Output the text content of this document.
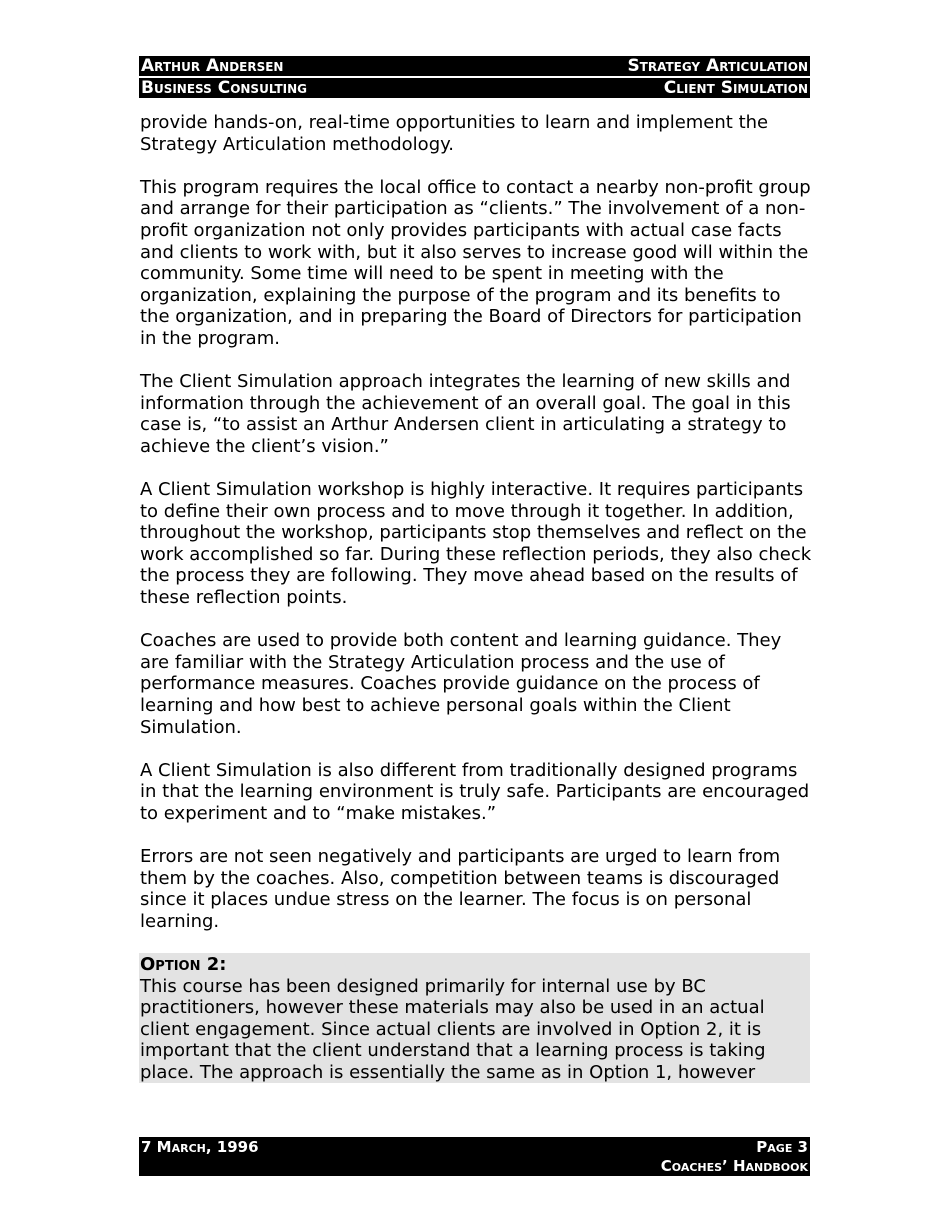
Arthur Andersen	Strategy Articulation
Business Consulting	Client Simulation

provide hands-on, real-time opportunities to learn and implement the Strategy Articulation methodology.

This program requires the local office to contact a nearby non-profit group and arrange for their participation as “clients.” The involvement of a non-profit organization not only provides participants with actual case facts and clients to work with, but it also serves to increase good will within the community. Some time will need to be spent in meeting with the organization, explaining the purpose of the program and its benefits to the organization, and in preparing the Board of Directors for participation in the program.

The Client Simulation approach integrates the learning of new skills and information through the achievement of an overall goal. The goal in this case is, “to assist an Arthur Andersen client in articulating a strategy to achieve the client’s vision.”

A Client Simulation workshop is highly interactive. It requires participants to define their own process and to move through it together. In addition, throughout the workshop, participants stop themselves and reflect on the work accomplished so far. During these reflection periods, they also check the process they are following. They move ahead based on the results of these reflection points.

Coaches are used to provide both content and learning guidance. They are familiar with the Strategy Articulation process and the use of performance measures. Coaches provide guidance on the process of learning and how best to achieve personal goals within the Client Simulation.

A Client Simulation is also different from traditionally designed programs in that the learning environment is truly safe. Participants are encouraged to experiment and to “make mistakes.”

Errors are not seen negatively and participants are urged to learn from them by the coaches. Also, competition between teams is discouraged since it places undue stress on the learner. The focus is on personal learning.

Option 2:
This course has been designed primarily for internal use by BC practitioners, however these materials may also be used in an actual client engagement. Since actual clients are involved in Option 2, it is important that the client understand that a learning process is taking place. The approach is essentially the same as in Option 1, however
7 March, 1996	Page 3
Coaches’ Handbook
